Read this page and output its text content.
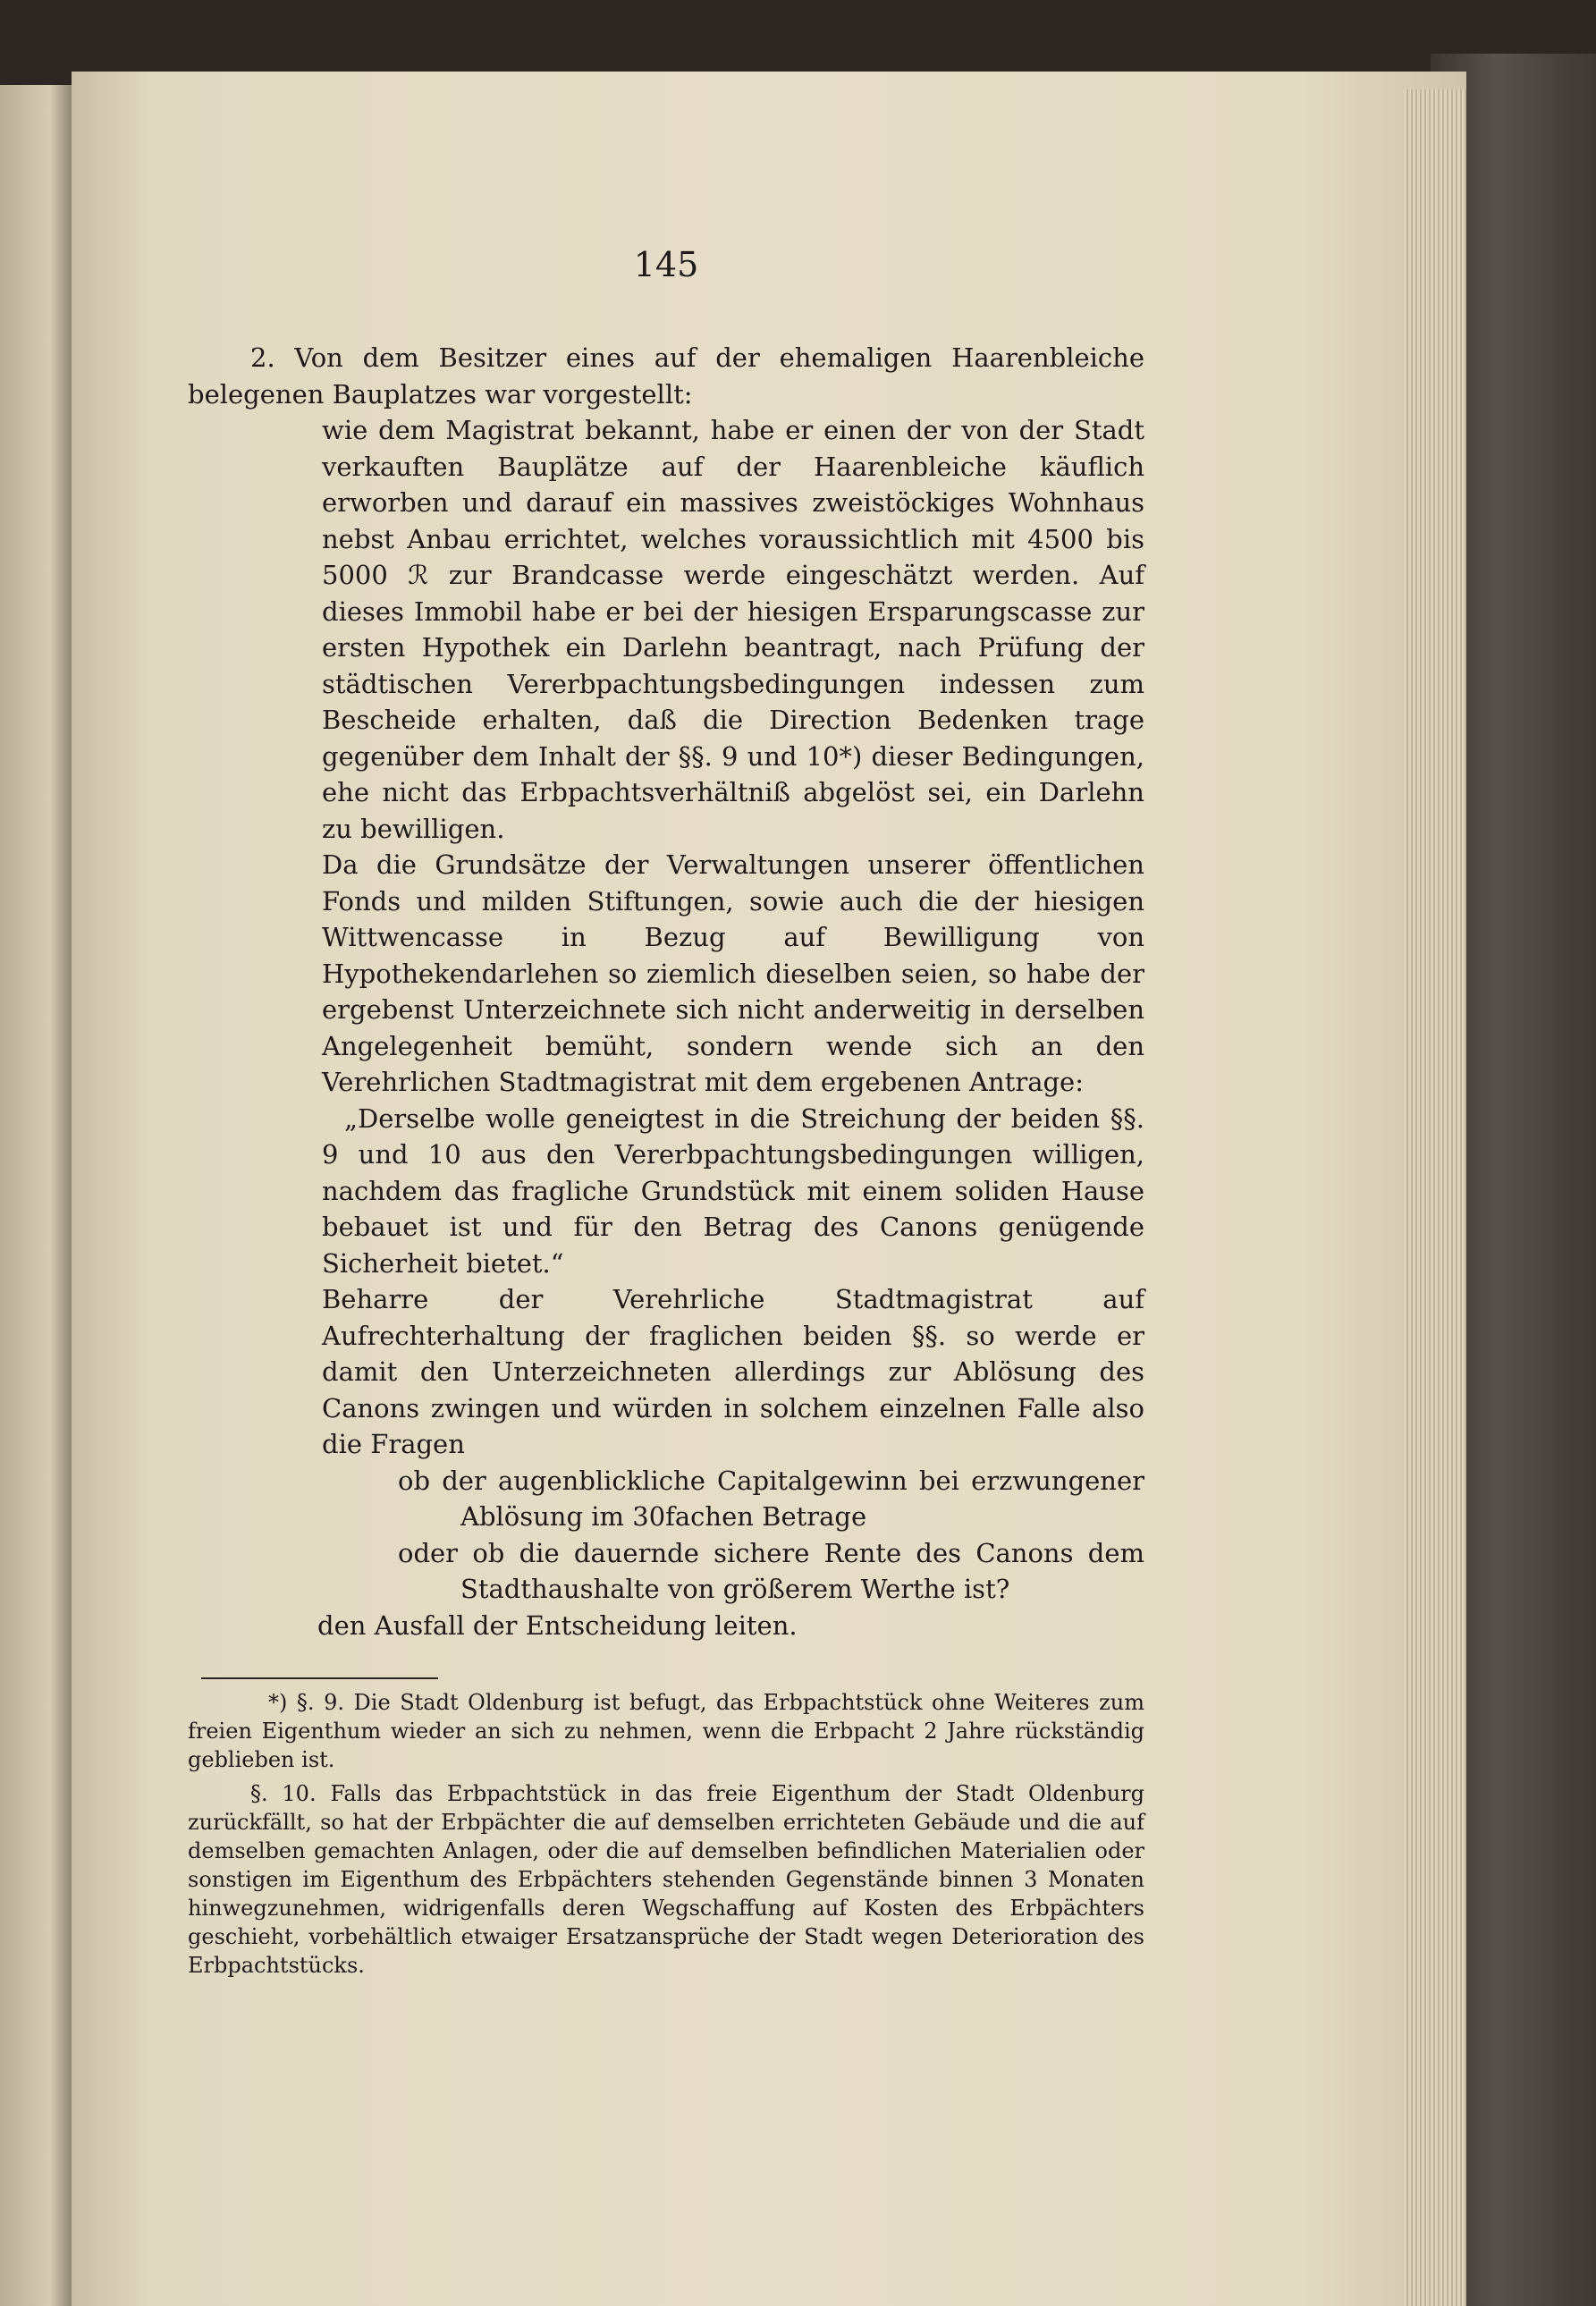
145

2. Von dem Besitzer eines auf der ehemaligen Haarenbleiche belegenen Bauplatzes war vorgestellt:

wie dem Magistrat bekannt, habe er einen der von der Stadt verkauften Bauplätze auf der Haarenbleiche käuflich erworben und darauf ein massives zweistöckiges Wohnhaus nebst Anbau errichtet, welches voraussichtlich mit 4500 bis 5000 ℛ︀ zur Brandcasse werde eingeschätzt werden. Auf dieses Immobil habe er bei der hiesigen Ersparungscasse zur ersten Hypothek ein Darlehn beantragt, nach Prüfung der städtischen Vererbpachtungsbedingungen indessen zum Bescheide erhalten, daß die Direction Bedenken trage gegenüber dem Inhalt der §§. 9 und 10*) dieser Bedingungen, ehe nicht das Erbpachtsverhältniß abgelöst sei, ein Darlehn zu bewilligen.

Da die Grundsätze der Verwaltungen unserer öffentlichen Fonds und milden Stiftungen, sowie auch die der hiesigen Wittwencasse in Bezug auf Bewilligung von Hypothekendarlehen so ziemlich dieselben seien, so habe der ergebenst Unterzeichnete sich nicht anderweitig in derselben Angelegenheit bemüht, sondern wende sich an den Verehrlichen Stadtmagistrat mit dem ergebenen Antrage:

„Derselbe wolle geneigtest in die Streichung der beiden §§. 9 und 10 aus den Vererbpachtungsbedingungen willigen, nachdem das fragliche Grundstück mit einem soliden Hause bebauet ist und für den Betrag des Canons genügende Sicherheit bietet.“

Beharre der Verehrliche Stadtmagistrat auf Aufrechterhaltung der fraglichen beiden §§. so werde er damit den Unterzeichneten allerdings zur Ablösung des Canons zwingen und würden in solchem einzelnen Falle also die Fragen

ob der augenblickliche Capitalgewinn bei erzwungener Ablösung im 30fachen Betrage

oder ob die dauernde sichere Rente des Canons dem Stadthaushalte von größerem Werthe ist?

den Ausfall der Entscheidung leiten.

*) §. 9. Die Stadt Oldenburg ist befugt, das Erbpachtstück ohne Weiteres zum freien Eigenthum wieder an sich zu nehmen, wenn die Erbpacht 2 Jahre rückständig geblieben ist.

§. 10. Falls das Erbpachtstück in das freie Eigenthum der Stadt Oldenburg zurückfällt, so hat der Erbpächter die auf demselben errichteten Gebäude und die auf demselben gemachten Anlagen, oder die auf demselben befindlichen Materialien oder sonstigen im Eigenthum des Erbpächters stehenden Gegenstände binnen 3 Monaten hinwegzunehmen, widrigenfalls deren Wegschaffung auf Kosten des Erbpächters geschieht, vorbehältlich etwaiger Ersatzansprüche der Stadt wegen Deterioration des Erbpachtstücks.
